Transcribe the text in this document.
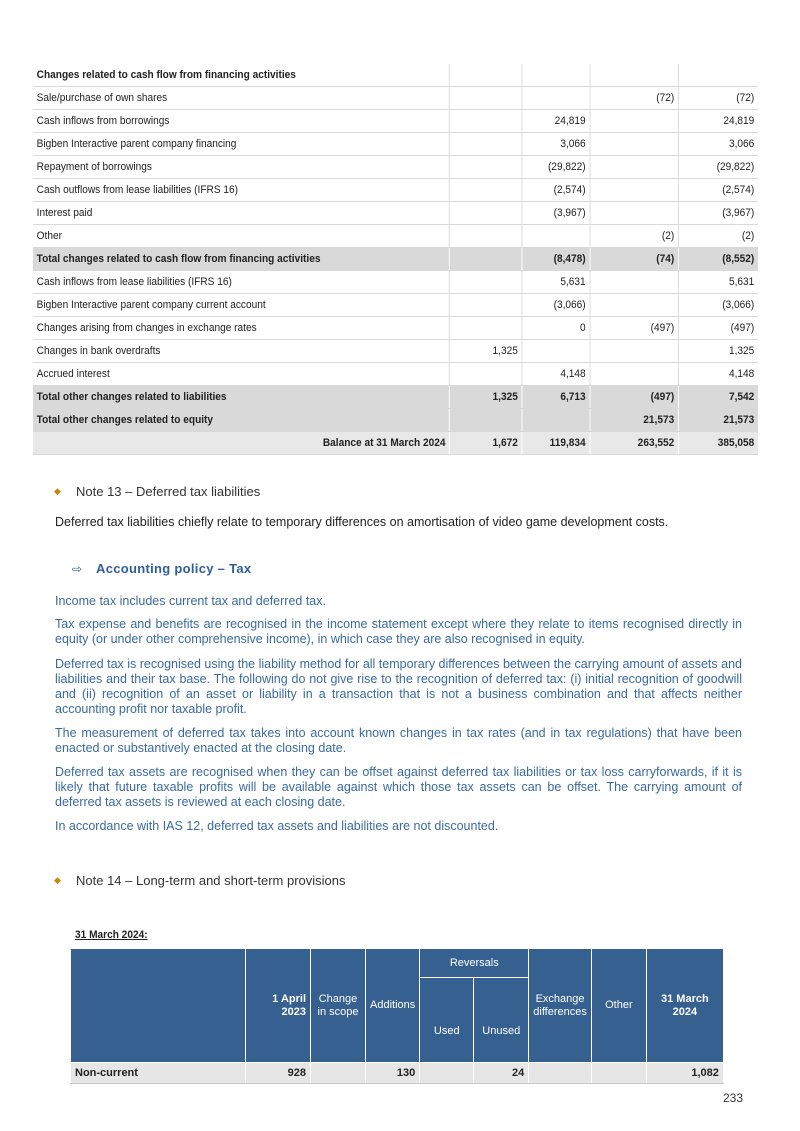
Changes related to cash flow from financing activities				
Sale/purchase of own shares			(72)	(72)
Cash inflows from borrowings		24,819		24,819
Bigben Interactive parent company financing		3,066		3,066
Repayment of borrowings		(29,822)		(29,822)
Cash outflows from lease liabilities (IFRS 16)		(2,574)		(2,574)
Interest paid		(3,967)		(3,967)
Other			(2)	(2)
Total changes related to cash flow from financing activities		(8,478)	(74)	(8,552)
Cash inflows from lease liabilities (IFRS 16)		5,631		5,631
Bigben Interactive parent company current account		(3,066)		(3,066)
Changes arising from changes in exchange rates		0	(497)	(497)
Changes in bank overdrafts	1,325			1,325
Accrued interest		4,148		4,148
Total other changes related to liabilities	1,325	6,713	(497)	7,542
Total other changes related to equity			21,573	21,573
Balance at 31 March 2024	1,672	119,834	263,552	385,058
◆	Note 13 – Deferred tax liabilities
Deferred tax liabilities chiefly relate to temporary differences on amortisation of video game development costs.
⇨	Accounting policy – Tax

Income tax includes current tax and deferred tax.

Tax expense and benefits are recognised in the income statement except where they relate to items recognised directly in equity (or under other comprehensive income), in which case they are also recognised in equity.

Deferred tax is recognised using the liability method for all temporary differences between the carrying amount of assets and liabilities and their tax base. The following do not give rise to the recognition of deferred tax: (i) initial recognition of goodwill and (ii) recognition of an asset or liability in a transaction that is not a business combination and that affects neither accounting profit nor taxable profit.

The measurement of deferred tax takes into account known changes in tax rates (and in tax regulations) that have been enacted or substantively enacted at the closing date.

Deferred tax assets are recognised when they can be offset against deferred tax liabilities or tax loss carryforwards, if it is likely that future taxable profits will be available against which those tax assets can be offset. The carrying amount of deferred tax assets is reviewed at each closing date.

In accordance with IAS 12, deferred tax assets and liabilities are not discounted.

◆	Note 14 – Long-term and short-term provisions
31 March 2024:
	1 April 2023	Change in scope	Additions	Reversals		Exchange differences	Other	31 March 2024
				Used	Unused			
Non-current	928		130		24			1,082
233
